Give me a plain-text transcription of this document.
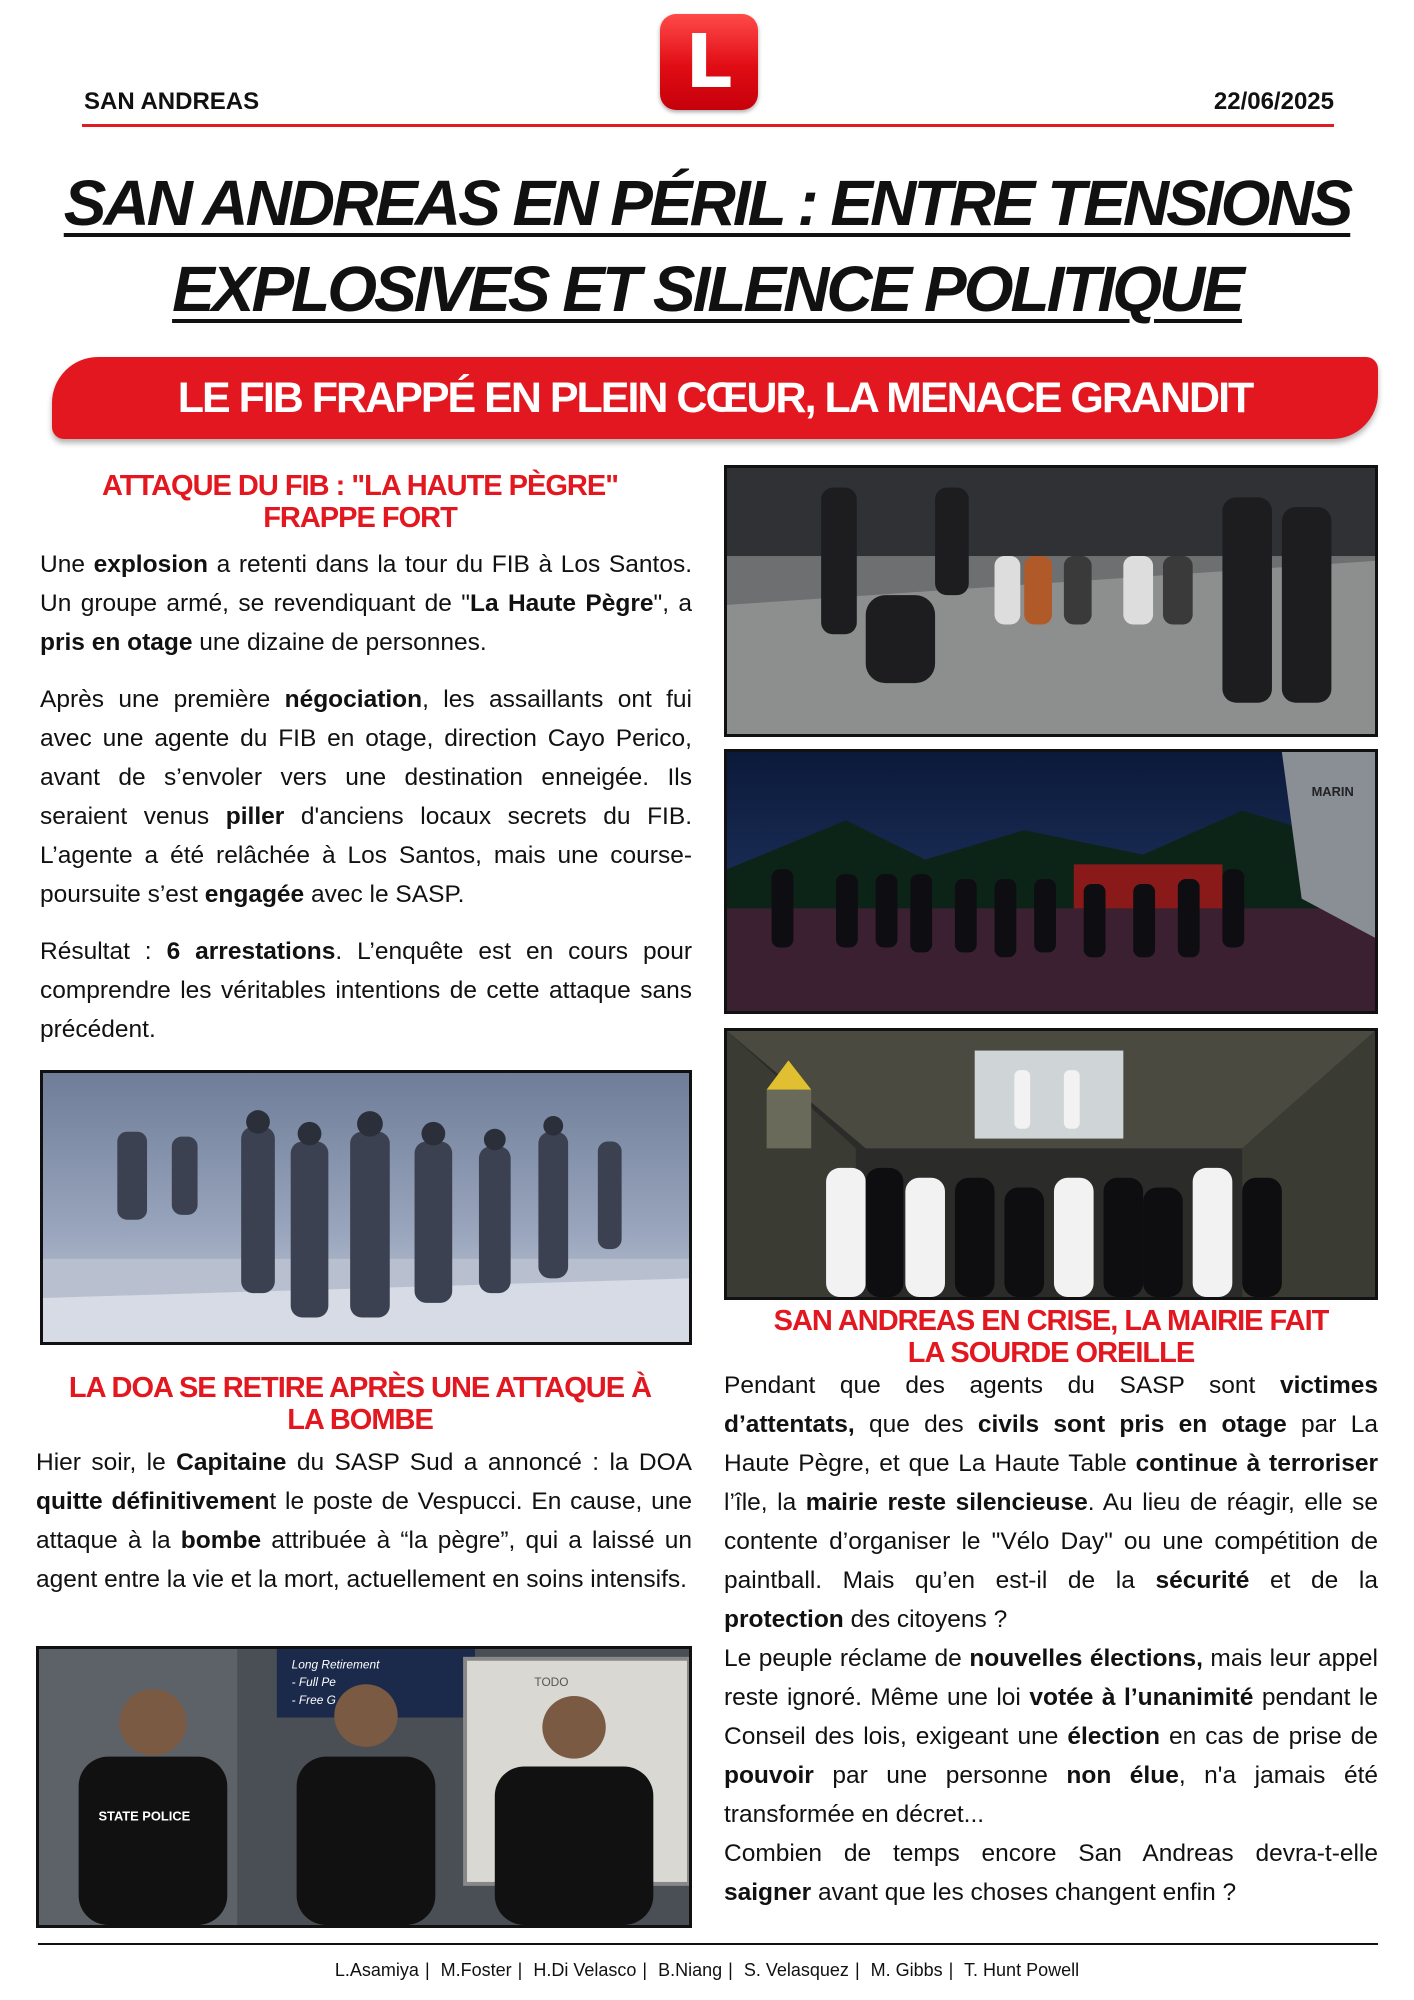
L
SAN ANDREAS	22/06/2025
SAN ANDREAS EN PÉRIL : ENTRE TENSIONS
EXPLOSIVES ET SILENCE POLITIQUE
LE FIB FRAPPÉ EN PLEIN CŒUR, LA MENACE GRANDIT
ATTAQUE DU FIB : "LA HAUTE PÈGRE"
FRAPPE FORT

Une explosion a retenti dans la tour du FIB à Los Santos. Un groupe armé, se revendiquant de "La Haute Pègre", a pris en otage une dizaine de personnes.

Après une première négociation, les assaillants ont fui avec une agente du FIB en otage, direction Cayo Perico, avant de s’envoler vers une destination enneigée. Ils seraient venus piller d'anciens locaux secrets du FIB. L’agente a été relâchée à Los Santos, mais une course-poursuite s’est engagée avec le SASP.

Résultat : 6 arrestations. L’enquête est en cours pour comprendre les véritables intentions de cette attaque sans précédent.

LA DOA SE RETIRE APRÈS UNE ATTAQUE À
LA BOMBE

Hier soir, le Capitaine du SASP Sud a annoncé : la DOA quitte définitivement le poste de Vespucci. En cause, une attaque à la bombe attribuée à “la pègre”, qui a laissé un agent entre la vie et la mort, actuellement en soins intensifs.

STATE POLICE
Long Retirement
- Full Pe
- Free G
TODO
MARIN
SAN ANDREAS EN CRISE, LA MAIRIE FAIT
LA SOURDE OREILLE

Pendant que des agents du SASP sont victimes d’attentats, que des civils sont pris en otage par La Haute Pègre, et que La Haute Table continue à terroriser l’île, la mairie reste silencieuse. Au lieu de réagir, elle se contente d’organiser le "Vélo Day" ou une compétition de paintball. Mais qu’en est-il de la sécurité et de la protection des citoyens ?

Le peuple réclame de nouvelles élections, mais leur appel reste ignoré. Même une loi votée à l’unanimité pendant le Conseil des lois, exigeant une élection en cas de prise de pouvoir par une personne non élue, n'a jamais été transformée en décret...

Combien de temps encore San Andreas devra-t-elle saigner avant que les choses changent enfin ?

L.Asamiya | M.Foster | H.Di Velasco | B.Niang | S. Velasquez | M. Gibbs | T. Hunt Powell
